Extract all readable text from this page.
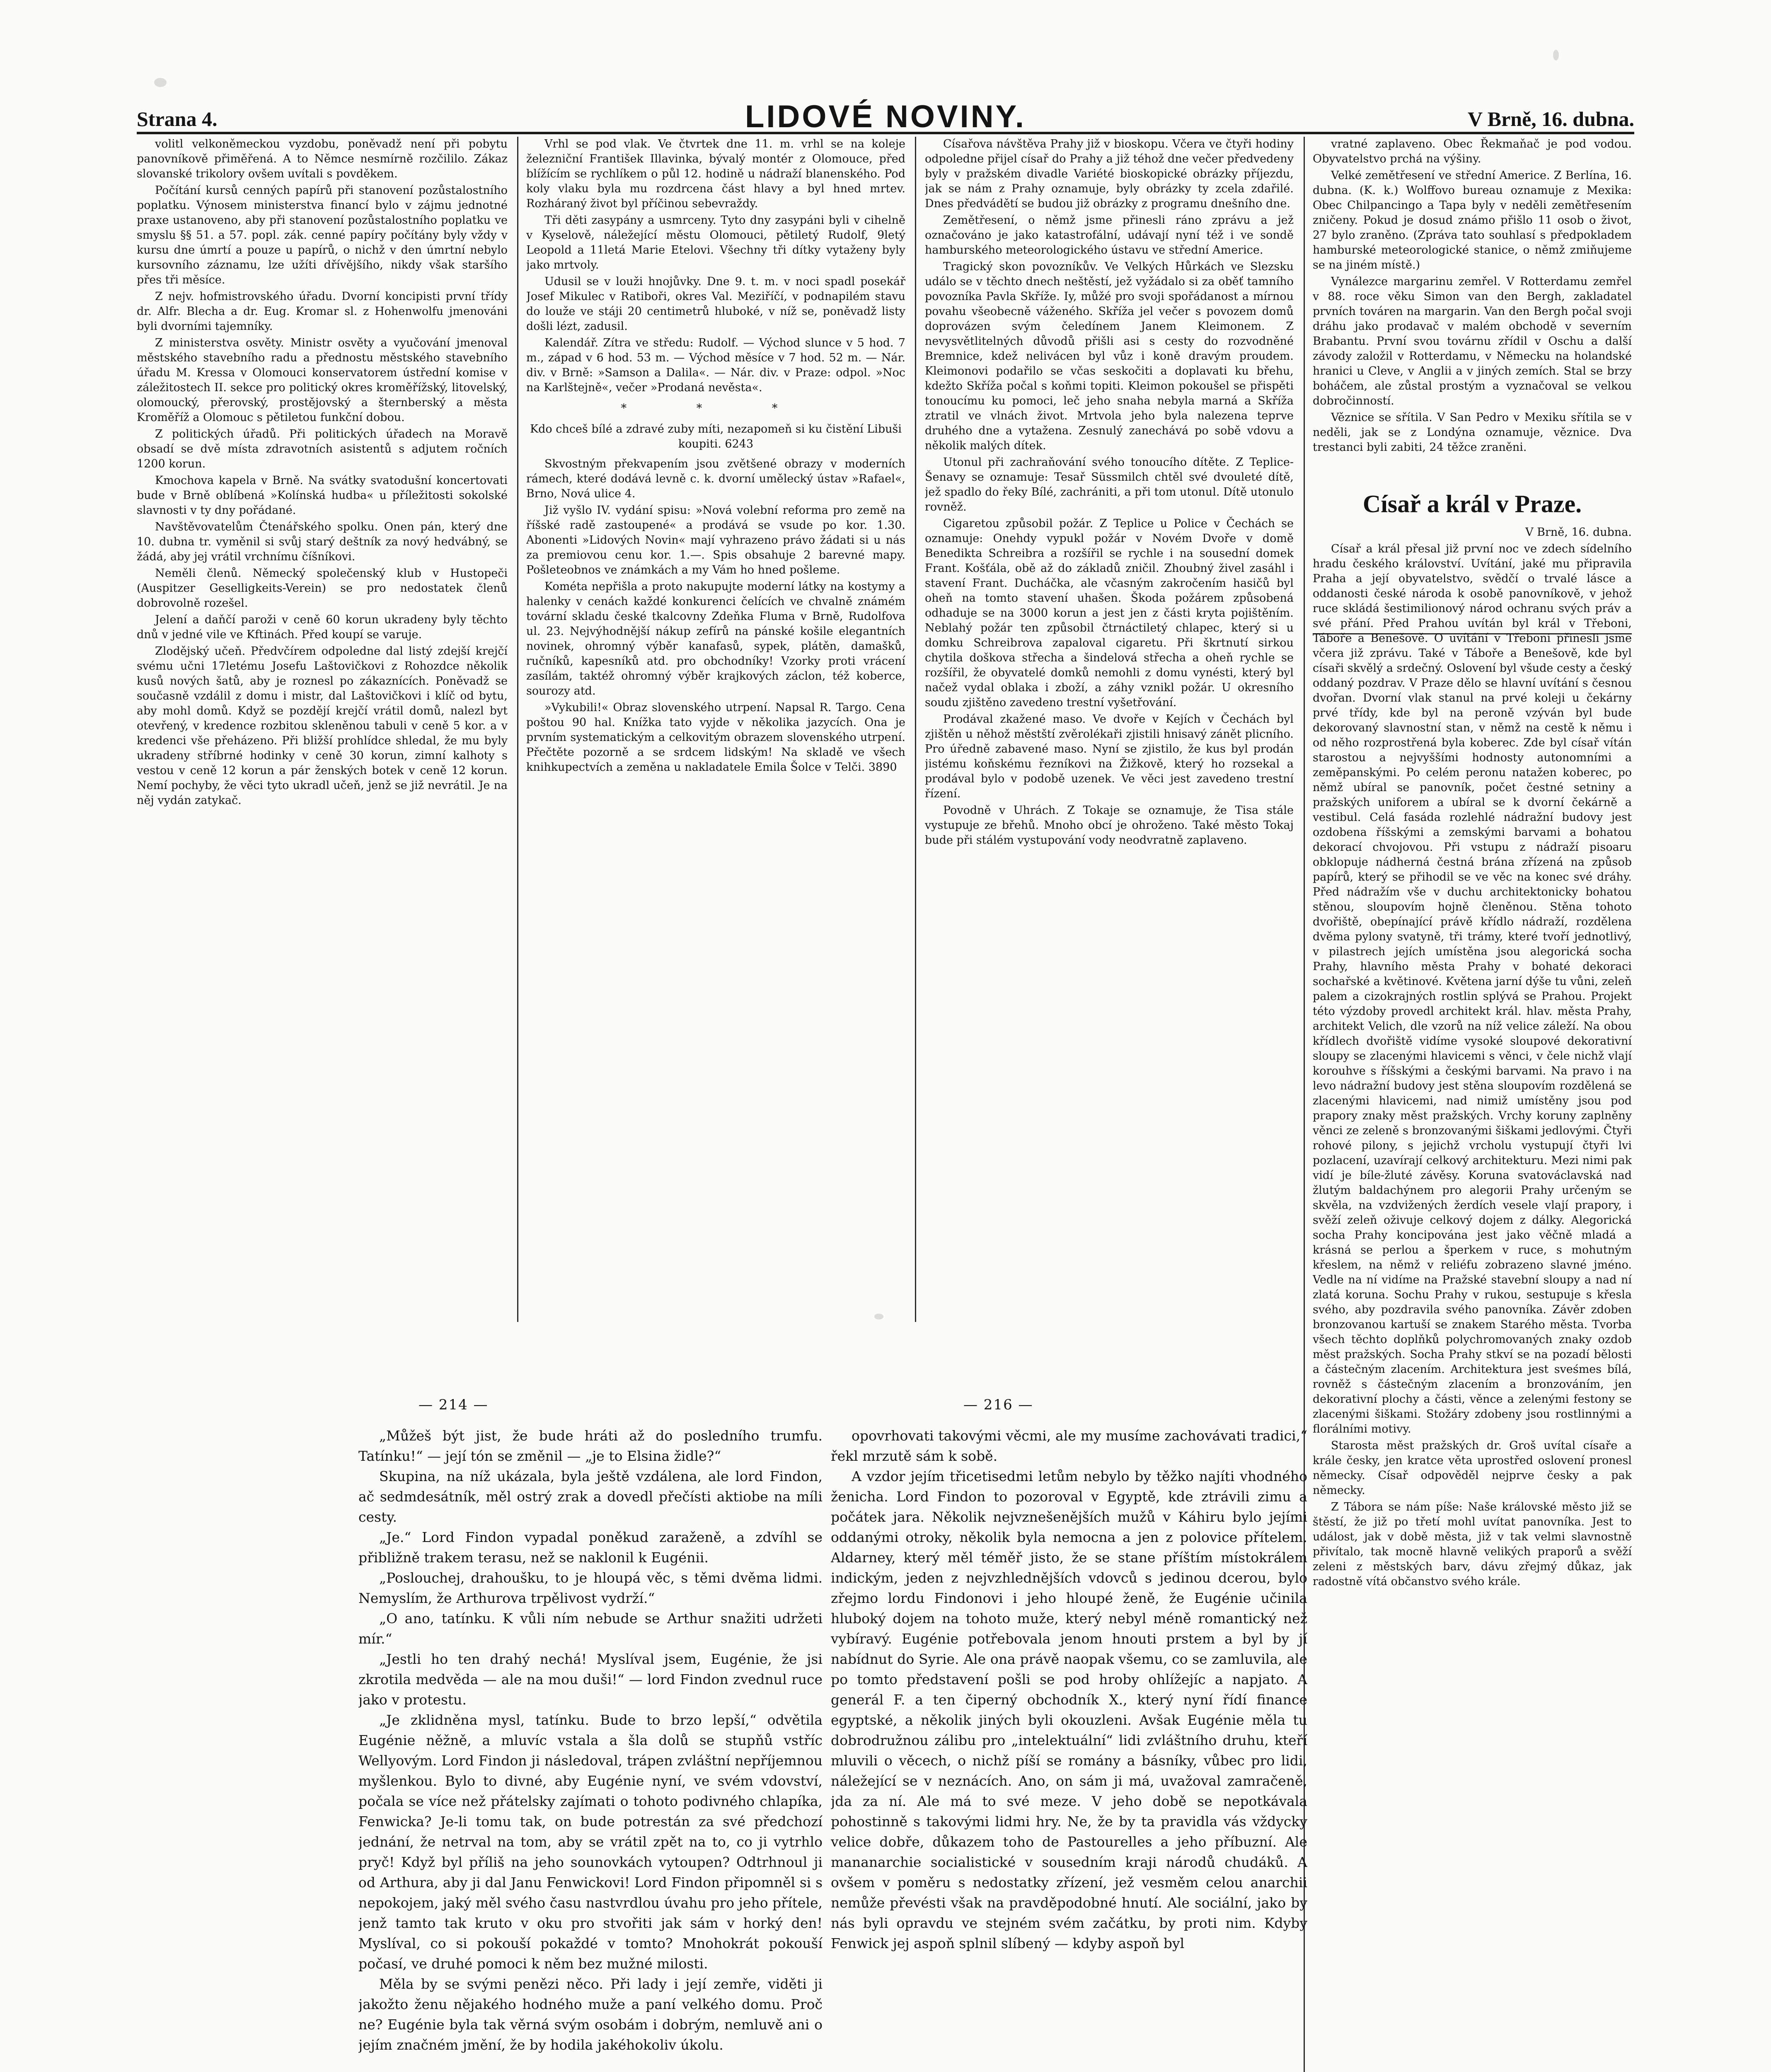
Strana 4.	LIDOVÉ NOVINY.	V Brně, 16. dubna.

volitl velkoněmeckou vyzdobu, poněvadž není při pobytu panovníkově přiměřená. A to Němce nesmírně rozčililo. Zákaz slovanské trikolory ovšem uvítali s povděkem.

Počítání kursů cenných papírů při stanovení pozůstalostního poplatku. Výnosem ministerstva financí bylo v zájmu jednotné praxe ustanoveno, aby při stanovení pozůstalostního poplatku ve smyslu §§ 51. a 57. popl. zák. cenné papíry počítány byly vždy v kursu dne úmrtí a pouze u papírů, o nichž v den úmrtní nebylo kursovního záznamu, lze užíti dřívějšího, nikdy však staršího přes tři měsíce.

Z nejv. hofmistrovského úřadu. Dvorní koncipisti první třídy dr. Alfr. Blecha a dr. Eug. Kromar sl. z Hohenwolfu jmenováni byli dvorními tajemníky.

Z ministerstva osvěty. Ministr osvěty a vyučování jmenoval městského stavebního radu a přednostu městského stavebního úřadu M. Kressa v Olomouci konservatorem ústřední komise v záležitostech II. sekce pro politický okres kroměřížský, litovelský, olomoucký, přerovský, prostějovský a šternberský a města Kroměříž a Olomouc s pětiletou funkční dobou.

Z politických úřadů. Při politických úřadech na Moravě obsadí se dvě místa zdravotních asistentů s adjutem ročních 1200 korun.

Kmochova kapela v Brně. Na svátky svatodušní koncertovati bude v Brně oblíbená »Kolínská hudba« u příležitosti sokolské slavnosti v ty dny pořádané.

Navštěvovatelům Čtenářského spolku. Onen pán, který dne 10. dubna tr. vyměnil si svůj starý deštník za nový hedvábný, se žádá, aby jej vrátil vrchnímu číšníkovi.

Neměli členů. Německý společenský klub v Hustopeči (Auspitzer Geselligkeits-Verein) se pro nedostatek členů dobrovolně rozešel.

Jelení a daňčí paroži v ceně 60 korun ukradeny byly těchto dnů v jedné vile ve Kftinách. Před koupí se varuje.

Zlodějský učeň. Předvčírem odpoledne dal listý zdejší krejčí svému učni 17letému Josefu Laštovičkovi z Rohozdce několik kusů nových šatů, aby je roznesl po zákaznících. Poněvadž se současně vzdálil z domu i mistr, dal Laštovičkovi i klíč od bytu, aby mohl domů. Když se pozdějí krejčí vrátil domů, nalezl byt otevřený, v kredence rozbitou skleněnou tabuli v ceně 5 kor. a v kredenci vše přeházeno. Při bližší prohlídce shledal, že mu byly ukradeny stříbrné hodinky v ceně 30 korun, zimní kalhoty s vestou v ceně 12 korun a pár ženských botek v ceně 12 korun. Nemí pochyby, že věci tyto ukradl učeň, jenž se již nevrátil. Je na něj vydán zatykač.

Vrhl se pod vlak. Ve čtvrtek dne 11. m. vrhl se na koleje železniční František Illavinka, bývalý montér z Olomouce, před blížícím se rychlíkem o půl 12. hodině u nádraží blanenského. Pod koly vlaku byla mu rozdrcena část hlavy a byl hned mrtev. Rozháraný život byl příčinou sebevraždy.

Tři děti zasypány a usmrceny. Tyto dny zasypáni byli v cihelně v Kyselově, náležející městu Olomouci, pětiletý Rudolf, 9letý Leopold a 11letá Marie Etelovi. Všechny tři dítky vytaženy byly jako mrtvoly.

Udusil se v louži hnojůvky. Dne 9. t. m. v noci spadl posekář Josef Mikulec v Ratiboři, okres Val. Meziříčí, v podnapilém stavu do louže ve stáji 20 centimetrů hluboké, v níž se, poněvadž listy došli lézt, zadusil.

Kalendář. Zítra ve středu: Rudolf. — Východ slunce v 5 hod. 7 m., západ v 6 hod. 53 m. — Východ měsíce v 7 hod. 52 m. — Nár. div. v Brně: »Samson a Dalila«. — Nár. div. v Praze: odpol. »Noc na Karlštejně«, večer »Prodaná nevěsta«.

* * *

Kdo chceš bílé a zdravé zuby míti, nezapomeň si ku čistění Libuši koupiti. 6243

Skvostným překvapením jsou zvětšené obrazy v moderních rámech, které dodává levně c. k. dvorní umělecký ústav »Rafael«, Brno, Nová ulice 4.

Již vyšlo IV. vydání spisu: »Nová volební reforma pro země na říšské radě zastoupené« a prodává se vsude po kor. 1.30. Abonenti »Lidových Novin« mají vyhrazeno právo žádati si u nás za premiovou cenu kor. 1.—. Spis obsahuje 2 barevné mapy. Pošleteobnos ve známkách a my Vám ho hned pošleme.

Kométa nepřišla a proto nakupujte moderní látky na kostymy a halenky v cenách každé konkurenci čelících ve chvalně známém tovární skladu české tkalcovny Zdeňka Fluma v Brně, Rudolfova ul. 23. Nejvýhodnější nákup zefírů na pánské košile elegantních novinek, ohromný výběr kanafasů, sypek, plátěn, damašků, ručníků, kapesníků atd. pro obchodníky! Vzorky proti vrácení zasílám, taktéž ohromný výběr krajkových záclon, též koberce, sourozy atd.

»Vykubili!« Obraz slovenského utrpení. Napsal R. Targo. Cena poštou 90 hal. Knížka tato vyjde v několika jazycích. Ona je prvním systematickým a celkovitým obrazem slovenského utrpení. Přečtěte pozorně a se srdcem lidským! Na skladě ve všech knihkupectvích a zeměna u nakladatele Emila Šolce v Telči. 3890

Císařova návštěva Prahy již v bioskopu. Včera ve čtyři hodiny odpoledne přijel císař do Prahy a již téhož dne večer předvedeny byly v pražském divadle Variété bioskopické obrázky příjezdu, jak se nám z Prahy oznamuje, byly obrázky ty zcela zdařilé. Dnes předvádětí se budou již obrázky z programu dnešního dne.

Zemětřesení, o němž jsme přinesli ráno zprávu a jež označováno je jako katastrofální, udávají nyní též i ve sondě hamburského meteorologického ústavu ve střední Americe.

Tragický skon povozníkův. Ve Velkých Hůrkách ve Slezsku událo se v těchto dnech neštěstí, jež vyžádalo si za oběť tamního povozníka Pavla Skříže. Iy, můžé pro svoji spořádanost a mírnou povahu všeobecně váženého. Skříža jel večer s povozem domů doprovázen svým čeledínem Janem Kleimonem. Z nevysvětlitelných důvodů přišli asi s cesty do rozvodněné Bremnice, kdež nelivácen byl vůz i koně dravým proudem. Kleimonovi podařilo se včas seskočiti a doplavati ku břehu, kdežto Skříža počal s koňmi topiti. Kleimon pokoušel se přispěti tonoucímu ku pomoci, leč jeho snaha nebyla marná a Skříža ztratil ve vlnách život. Mrtvola jeho byla nalezena teprve druhého dne a vytažena. Zesnulý zanechává po sobě vdovu a několik malých dítek.

Utonul při zachraňování svého tonoucího dítěte. Z Teplice-Šenavy se oznamuje: Tesař Süssmilch chtěl své dvouleté dítě, jež spadlo do řeky Bílé, zachrániti, a při tom utonul. Dítě utonulo rovněž.

Cigaretou způsobil požár. Z Teplice u Police v Čechách se oznamuje: Onehdy vypukl požár v Novém Dvoře v domě Benedikta Schreibra a rozšířil se rychle i na sousední domek Frant. Košťála, obě až do základů zničil. Zhoubný živel zasáhl i stavení Frant. Ducháčka, ale včasným zakročením hasičů byl oheň na tomto stavení uhašen. Škoda požárem způsobená odhaduje se na 3000 korun a jest jen z části kryta pojištěním. Neblahý požár ten způsobil čtrnáctiletý chlapec, který si u domku Schreibrova zapaloval cigaretu. Při škrtnutí sirkou chytila doškova střecha a šindelová střecha a oheň rychle se rozšířil, že obyvatelé domků nemohli z domu vynésti, který byl načež vydal oblaka i zboží, a záhy vznikl požár. U okresního soudu zjištěno zavedeno trestní vyšetřování.

Prodával zkažené maso. Ve dvoře v Kejích v Čechách byl zjištěn u něhož městští zvěrolékaři zjistili hnisavý zánět plicního. Pro úředně zabavené maso. Nyní se zjistilo, že kus byl prodán jistému koňskému řezníkovi na Žižkově, který ho rozsekal a prodával bylo v podobě uzenek. Ve věci jest zavedeno trestní řízení.

Povodně v Uhrách. Z Tokaje se oznamuje, že Tisa stále vystupuje ze břehů. Mnoho obcí je ohroženo. Také město Tokaj bude při stálém vystupování vody neodvratně zaplaveno.

vratné zaplaveno. Obec Řekmaňač je pod vodou. Obyvatelstvo prchá na výšiny.

Velké zemětřesení ve střední Americe. Z Berlína, 16. dubna. (K. k.) Wolffovo bureau oznamuje z Mexika: Obec Chilpancingo a Tapa byly v neděli zemětřesením zničeny. Pokud je dosud známo přišlo 11 osob o život, 27 bylo zraněno. (Zpráva tato souhlasí s předpokladem hamburské meteorologické stanice, o němž zmiňujeme se na jiném místě.)

Vynálezce margarinu zemřel. V Rotterdamu zemřel v 88. roce věku Simon van den Bergh, zakladatel prvních továren na margarin. Van den Bergh počal svoji dráhu jako prodavač v malém obchodě v severním Brabantu. První svou továrnu zřídil v Oschu a další závody založil v Rotterdamu, v Německu na holandské hranici u Cleve, v Anglii a v jiných zemích. Stal se brzy boháčem, ale zůstal prostým a vyznačoval se velkou dobročinností.

Věznice se sřítila. V San Pedro v Mexiku sřítila se v neděli, jak se z Londýna oznamuje, věznice. Dva trestanci byli zabiti, 24 těžce zraněni.

Císař a král v Praze.

V Brně, 16. dubna.

Císař a král přesal již první noc ve zdech sídelního hradu českého království. Uvítání, jaké mu připravila Praha a její obyvatelstvo, svědčí o trvalé lásce a oddanosti české národa k osobě panovníkově, v jehož ruce skládá šestimilionový národ ochranu svých práv a své přání. Před Prahou uvítán byl král v Třeboni, Táboře a Benešově. O uvítání v Třeboni přinesli jsme včera již zprávu. Také v Táboře a Benešově, kde byl císaři skvělý a srdečný. Oslovení byl všude cesty a český oddaný pozdrav. V Praze dělo se hlavní uvítání s česnou dvořan. Dvorní vlak stanul na prvé koleji u čekárny prvé třídy, kde byl na peroně vzýván byl bude dekorovaný slavnostní stan, v němž na cestě k němu i od něho rozprostřená byla koberec. Zde byl císař vítán starostou a nejvyššími hodnosty autonomními a zeměpanskými. Po celém peronu natažen koberec, po němž ubíral se panovník, počet čestné setniny a pražských uniforem a ubíral se k dvorní čekárně a vestibul. Celá fasáda rozlehlé nádražní budovy jest ozdobena říšskými a zemskými barvami a bohatou dekorací chvojovou. Při vstupu z nádraží pisoaru obklopuje nádherná čestná brána zřízená na způsob papírů, který se přihodil se ve věc na konec své dráhy. Před nádražím vše v duchu architektonicky bohatou stěnou, sloupovím hojně členěnou. Stěna tohoto dvořiště, obepínající právě křídlo nádraží, rozdělena dvěma pylony svatyně, tři trámy, které tvoří jednotlivý, v pilastrech jejích umístěna jsou alegorická socha Prahy, hlavního města Prahy v bohaté dekoraci sochařské a květinové. Květena jarní dýše tu vůni, zeleň palem a cizokrajných rostlin splývá se Prahou. Projekt této výzdoby provedl architekt král. hlav. města Prahy, architekt Velich, dle vzorů na níž velice záleží. Na obou křídlech dvořiště vidíme vysoké sloupové dekorativní sloupy se zlacenými hlavicemi s věnci, v čele nichž vlají korouhve s říšskými a českými barvami. Na pravo i na levo nádražní budovy jest stěna sloupovím rozdělená se zlacenými hlavicemi, nad nimiž umístěny jsou pod prapory znaky měst pražských. Vrchy koruny zaplněny věnci ze zeleně s bronzovanými šiškami jedlovými. Čtyři rohové pilony, s jejichž vrcholu vystupují čtyři lvi pozlacení, uzavírají celkový architekturu. Mezi nimi pak vidí je bíle-žluté závěsy. Koruna svatováclavská nad žlutým baldachýnem pro alegorii Prahy určeným se skvěla, na vzdvižených žerdích vesele vlají prapory, i svěží zeleň oživuje celkový dojem z dálky. Alegorická socha Prahy koncipována jest jako věčně mladá a krásná se perlou a šperkem v ruce, s mohutným křeslem, na němž v reliéfu zobrazeno slavné jméno. Vedle na ní vidíme na Pražské stavební sloupy a nad ní zlatá koruna. Sochu Prahy v rukou, sestupuje s křesla svého, aby pozdravila svého panovníka. Závěr zdoben bronzovanou kartuší se znakem Starého města. Tvorba všech těchto doplňků polychromovaných znaky ozdob měst pražských. Socha Prahy stkví se na pozadí bělosti a částečným zlacením. Architektura jest sveśmes bílá, rovněž s částečným zlacením a bronzováním, jen dekorativní plochy a části, věnce a zelenými festony se zlacenými šiškami. Stožáry zdobeny jsou rostlinnými a florálními motivy.

Starosta měst pražských dr. Groš uvítal císaře a krále česky, jen kratce věta uprostřed oslovení pronesl německy. Císař odpověděl nejprve česky a pak německy.

Z Tábora se nám píše: Naše královské město již se štěstí, že již po třetí mohl uvítat panovníka. Jest to událost, jak v době města, již v tak velmi slavnostně přivítalo, tak mocně hlavně velikých praporů a svěží zeleni z městských barv, dávu zřejmý důkaz, jak radostně vítá občanstvo svého krále.

— 214 —	— 216 —

„Můžeš být jist, že bude hráti až do posledního trumfu. Tatínku!“ — její tón se změnil — „je to Elsina židle?“

Skupina, na níž ukázala, byla ještě vzdálena, ale lord Findon, ač sedmdesátník, měl ostrý zrak a dovedl přečísti aktiobe na míli cesty.

„Je.“ Lord Findon vypadal poněkud zaraženě, a zdvíhl se přibližně trakem terasu, než se naklonil k Eugénii.

„Poslouchej, drahoušku, to je hloupá věc, s těmi dvěma lidmi. Nemyslím, že Arthurova trpělivost vydrží.“

„O ano, tatínku. K vůli ním nebude se Arthur snažiti udržeti mír.“

„Jestli ho ten drahý nechá! Myslíval jsem, Eugénie, že jsi zkrotila medvěda — ale na mou duši!“ — lord Findon zvednul ruce jako v protestu.

„Je zklidněna mysl, tatínku. Bude to brzo lepší,“ odvětila Eugénie něžně, a mluvíc vstala a šla dolů se stupňů vstříc Wellyovým. Lord Findon ji následoval, trápen zvláštní nepříjemnou myšlenkou. Bylo to divné, aby Eugénie nyní, ve svém vdovství, počala se více než přátelsky zajímati o tohoto podivného chlapíka, Fenwicka? Je-li tomu tak, on bude potrestán za své předchozí jednání, že netrval na tom, aby se vrátil zpět na to, co ji vytrhlo pryč! Když byl příliš na jeho sounovkách vytoupen? Odtrhnoul ji od Arthura, aby ji dal Janu Fenwickovi! Lord Findon připomněl si s nepokojem, jaký měl svého času nastvrdlou úvahu pro jeho přítele, jenž tamto tak kruto v oku pro stvořiti jak sám v horký den! Myslíval, co si pokouší pokaždé v tomto? Mnohokrát pokouší počasí, ve druhé pomoci k něm bez mužné milosti.

Měla by se svými penězi něco. Při lady i její zemře, viděti ji jakožto ženu nějakého hodného muže a paní velkého domu. Proč ne? Eugénie byla tak věrná svým osobám i dobrým, nemluvě ani o jejím značném jmění, že by hodila jakéhokoliv úkolu.

opovrhovati takovými věcmi, ale my musíme zachovávati tradici,“ řekl mrzutě sám k sobě.

A vzdor jejím třicetisedmi letům nebylo by těžko najíti vhodného ženicha. Lord Findon to pozoroval v Egyptě, kde ztrávili zimu a počátek jara. Několik nejvznešenějších mužů v Káhiru bylo jejími oddanými otroky, několik byla nemocna a jen z polovice přítelem. Aldarney, který měl téměř jisto, že se stane příštím místokrálem indickým, jeden z nejvzhlednějších vdovců s jedinou dcerou, bylo zřejmo lordu Findonovi i jeho hloupé ženě, že Eugénie učinila hluboký dojem na tohoto muže, který nebyl méně romantický než vybíravý. Eugénie potřebovala jenom hnouti prstem a byl by jí nabídnut do Syrie. Ale ona právě naopak všemu, co se zamluvila, ale po tomto představení pošli se pod hroby ohlížejíc a napjato. A generál F. a ten čiperný obchodník X., který nyní řídí finance egyptské, a několik jiných byli okouzleni. Avšak Eugénie měla tu dobrodružnou zálibu pro „intelektuální“ lidi zvláštního druhu, kteří mluvili o věcech, o nichž píší se romány a básníky, vůbec pro lidi, náležející se v neznácích. Ano, on sám ji má, uvažoval zamračeně, jda za ní. Ale má to své meze. V jeho době se nepotkávala pohostinně s takovými lidmi hry. Ne, že by ta pravidla vás vždycky velice dobře, důkazem toho de Pastourelles a jeho příbuzní. Ale mananarchie socialistické v sousedním kraji národů chudáků. A ovšem v poměru s nedostatky zřízení, jež vesměm celou anarchii nemůže převésti však na pravděpodobné hnutí. Ale sociální, jako by nás byli opravdu ve stejném svém začátku, by proti nim. Kdyby Fenwick jej aspoň splnil slíbený — kdyby aspoň byl
